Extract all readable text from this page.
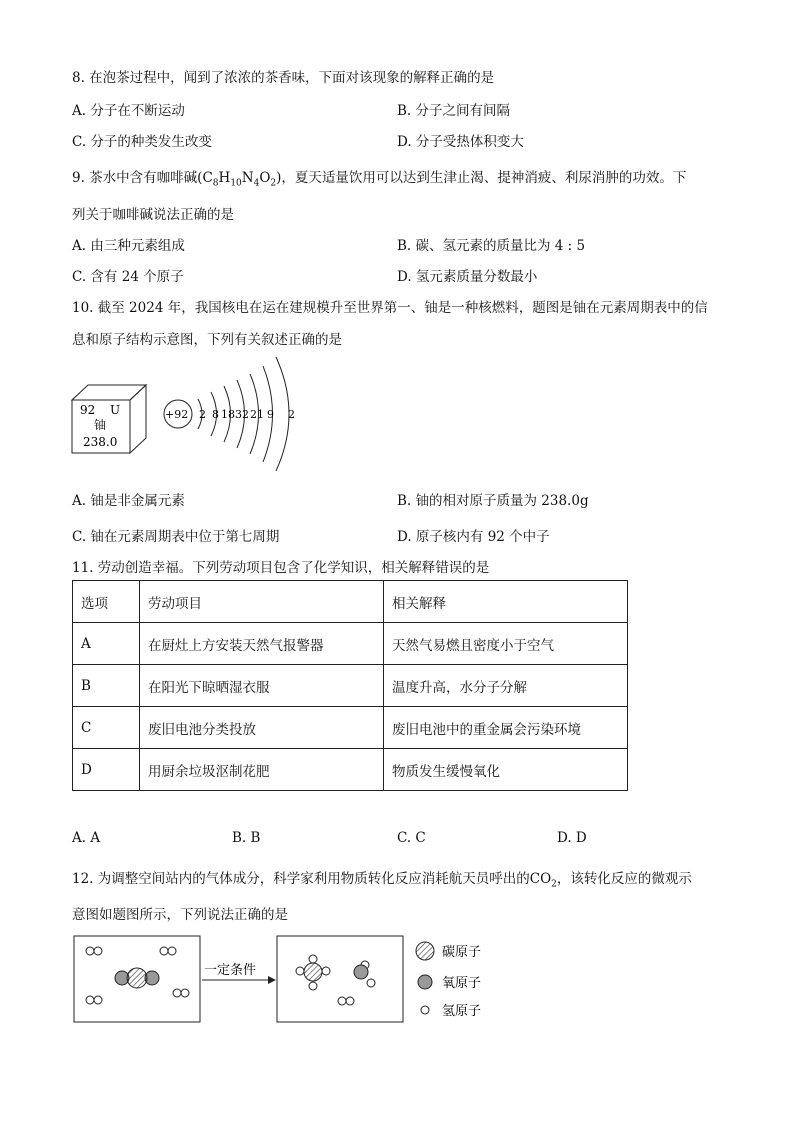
8. 在泡茶过程中，闻到了浓浓的茶香味，下面对该现象的解释正确的是
A. 分子在不断运动	B. 分子之间有间隔
C. 分子的种类发生改变	D. 分子受热体积变大
9. 茶水中含有咖啡碱$(C_8H_{10}N_4O_2)$，夏天适量饮用可以达到生津止渴、提神消疲、利尿消肿的功效。下
列关于咖啡碱说法正确的是
A. 由三种元素组成	B. 碳、氢元素的质量比为 4 : 5
C. 含有 24 个原子	D. 氢元素质量分数最小
10. 截至 2024 年，我国核电在运在建规模升至世界第一、铀是一种核燃料，题图是铀在元素周期表中的信
息和原子结构示意图，下列有关叙述正确的是
92 U
铀
238.0
+92 2 8 18 32 21 9 2
A. 铀是非金属元素	B. 铀的相对原子质量为 238.0g
C. 铀在元素周期表中位于第七周期	D. 原子核内有 92 个中子
11. 劳动创造幸福。下列劳动项目包含了化学知识，相关解释错误的是
选项	劳动项目	相关解释
A	在厨灶上方安装天然气报警器	天然气易燃且密度小于空气
B	在阳光下晾晒湿衣服	温度升高，水分子分解
C	废旧电池分类投放	废旧电池中的重金属会污染环境
D	用厨余垃圾沤制花肥	物质发生缓慢氧化
A. A	B. B	C. C	D. D
12. 为调整空间站内的气体成分，科学家利用物质转化反应消耗航天员呼出的$CO_2$，该转化反应的微观示
意图如题图所示，下列说法正确的是
一定条件
碳原子
氧原子
氢原子
